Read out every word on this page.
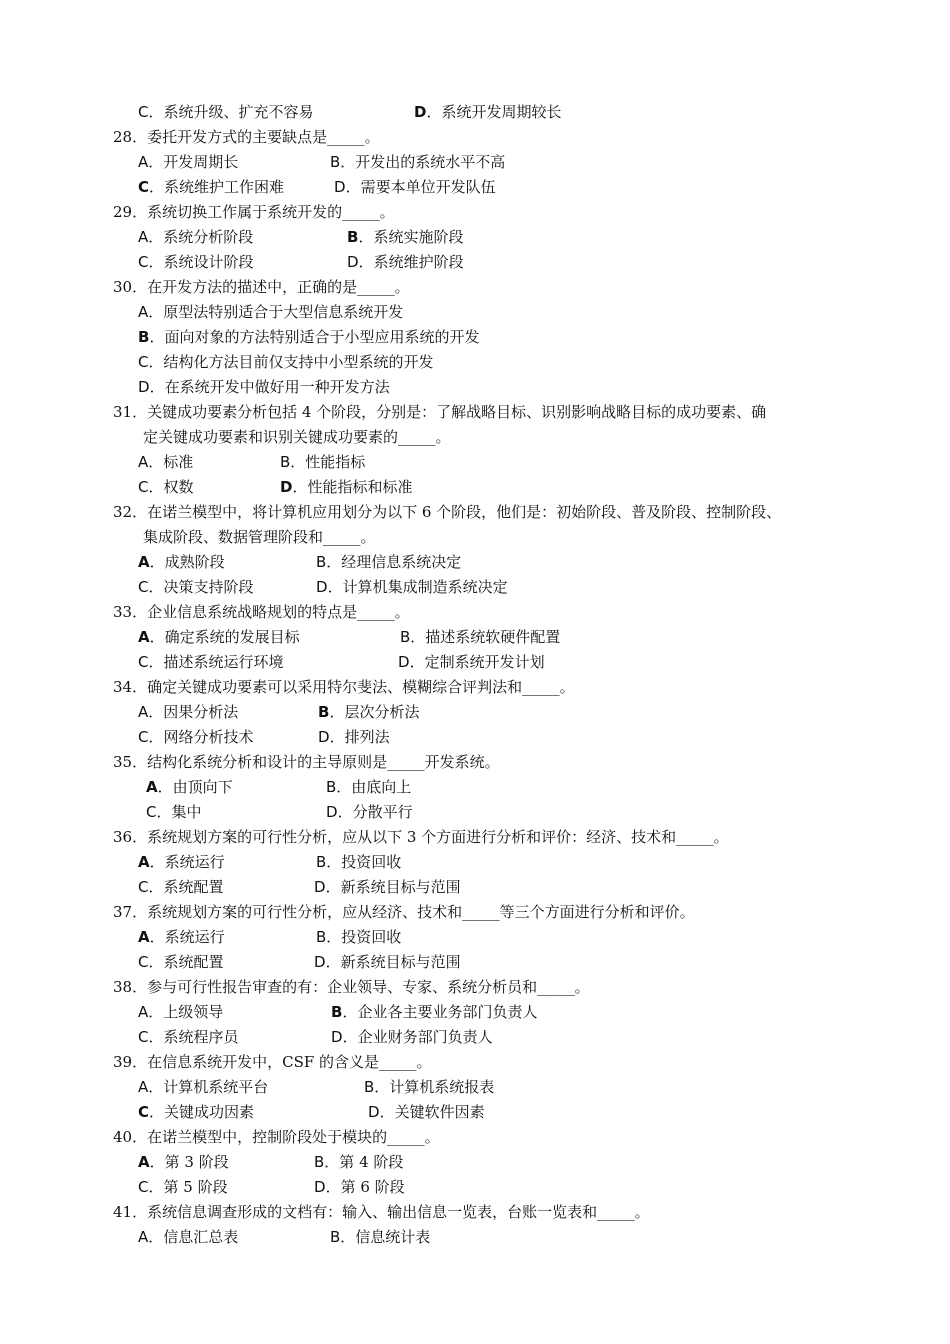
C．系统升级、扩充不容易	D．系统开发周期较长
28．委托开发方式的主要缺点是_____。
A．开发周期长	B．开发出的系统水平不高
C．系统维护工作困难	D．需要本单位开发队伍
29．系统切换工作属于系统开发的_____。
A．系统分析阶段	B．系统实施阶段
C．系统设计阶段	D．系统维护阶段
30．在开发方法的描述中，正确的是_____。
A．原型法特别适合于大型信息系统开发
B．面向对象的方法特别适合于小型应用系统的开发
C．结构化方法目前仅支持中小型系统的开发
D．在系统开发中做好用一种开发方法
31．关键成功要素分析包括 4 个阶段，分别是：了解战略目标、识别影响战略目标的成功要素、确
定关键成功要素和识别关键成功要素的_____。
A．标准	B．性能指标
C．权数	D．性能指标和标准
32．在诺兰模型中，将计算机应用划分为以下 6 个阶段，他们是：初始阶段、普及阶段、控制阶段、
集成阶段、数据管理阶段和_____。
A．成熟阶段	B．经理信息系统决定
C．决策支持阶段	D．计算机集成制造系统决定
33．企业信息系统战略规划的特点是_____。
A．确定系统的发展目标	B．描述系统软硬件配置
C．描述系统运行环境	D．定制系统开发计划
34．确定关键成功要素可以采用特尔斐法、模糊综合评判法和_____。
A．因果分析法	B．层次分析法
C．网络分析技术	D．排列法
35．结构化系统分析和设计的主导原则是_____开发系统。
A．由顶向下	B．由底向上
C．集中	D．分散平行
36．系统规划方案的可行性分析，应从以下 3 个方面进行分析和评价：经济、技术和_____。
A．系统运行	B．投资回收
C．系统配置	D．新系统目标与范围
37．系统规划方案的可行性分析，应从经济、技术和_____等三个方面进行分析和评价。
A．系统运行	B．投资回收
C．系统配置	D．新系统目标与范围
38．参与可行性报告审查的有：企业领导、专家、系统分析员和_____。
A．上级领导	B．企业各主要业务部门负责人
C．系统程序员	D．企业财务部门负责人
39．在信息系统开发中，CSF 的含义是_____。
A．计算机系统平台	B．计算机系统报表
C．关键成功因素	D．关键软件因素
40．在诺兰模型中，控制阶段处于模块的_____。
A．第 3 阶段	B．第 4 阶段
C．第 5 阶段	D．第 6 阶段
41．系统信息调查形成的文档有：输入、输出信息一览表，台账一览表和_____。
A．信息汇总表	B．信息统计表
